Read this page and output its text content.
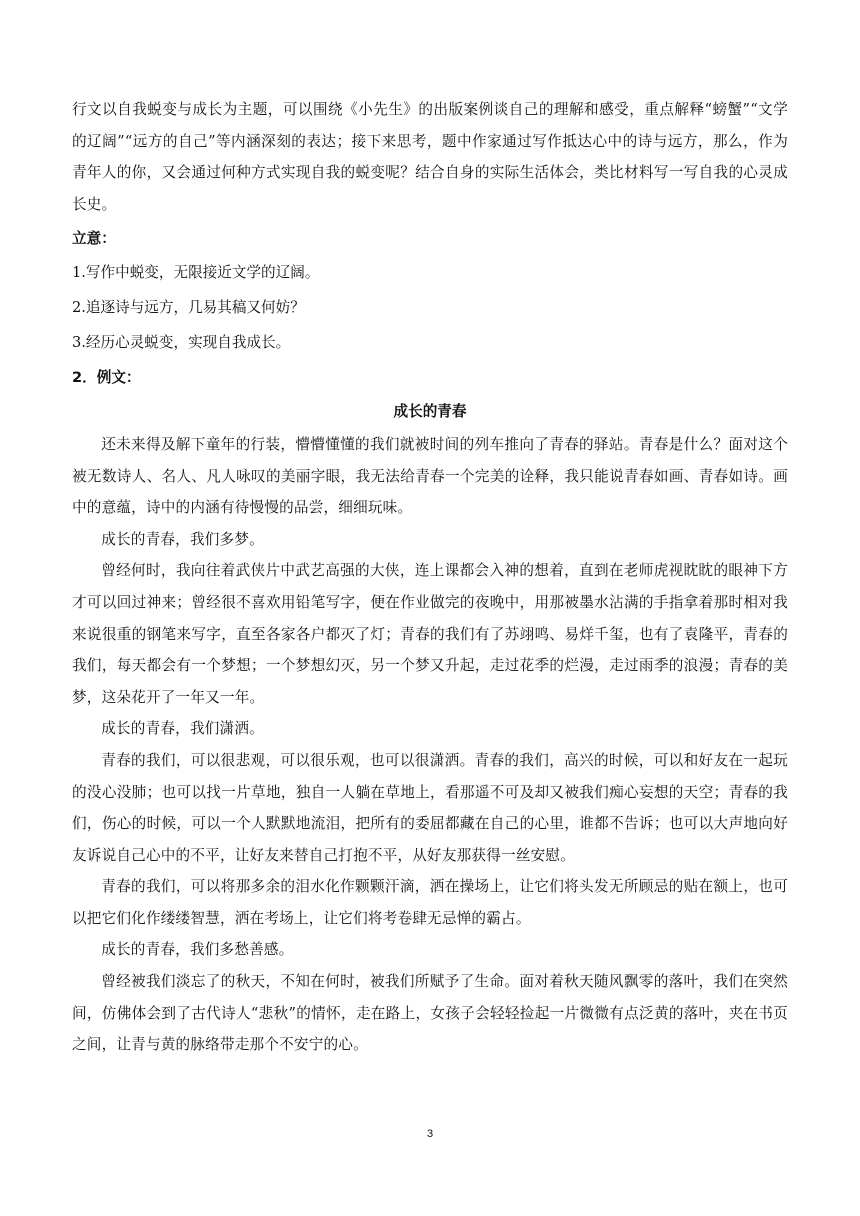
行文以自我蜕变与成长为主题，可以围绕《小先生》的出版案例谈自己的理解和感受，重点解释“螃蟹”“文学的辽阔”“远方的自己”等内涵深刻的表达；接下来思考，题中作家通过写作抵达心中的诗与远方，那么，作为青年人的你，又会通过何种方式实现自我的蜕变呢？结合自身的实际生活体会，类比材料写一写自我的心灵成长史。

立意：

1.写作中蜕变，无限接近文学的辽阔。

2.追逐诗与远方，几易其稿又何妨？

3.经历心灵蜕变，实现自我成长。

2．例文：

成长的青春

还未来得及解下童年的行装，懵懵懂懂的我们就被时间的列车推向了青春的驿站。青春是什么？面对这个被无数诗人、名人、凡人咏叹的美丽字眼，我无法给青春一个完美的诠释，我只能说青春如画、青春如诗。画中的意蕴，诗中的内涵有待慢慢的品尝，细细玩味。

成长的青春，我们多梦。

曾经何时，我向往着武侠片中武艺高强的大侠，连上课都会入神的想着，直到在老师虎视眈眈的眼神下方才可以回过神来；曾经很不喜欢用铅笔写字，便在作业做完的夜晚中，用那被墨水沾满的手指拿着那时相对我来说很重的钢笔来写字，直至各家各户都灭了灯；青春的我们有了苏翊鸣、易烊千玺，也有了袁隆平，青春的我们，每天都会有一个梦想；一个梦想幻灭，另一个梦又升起，走过花季的烂漫，走过雨季的浪漫；青春的美梦，这朵花开了一年又一年。

成长的青春，我们潇洒。

青春的我们，可以很悲观，可以很乐观，也可以很潇洒。青春的我们，高兴的时候，可以和好友在一起玩的没心没肺；也可以找一片草地，独自一人躺在草地上，看那遥不可及却又被我们痴心妄想的天空；青春的我们，伤心的时候，可以一个人默默地流泪，把所有的委屈都藏在自己的心里，谁都不告诉；也可以大声地向好友诉说自己心中的不平，让好友来替自己打抱不平，从好友那获得一丝安慰。

青春的我们，可以将那多余的泪水化作颗颗汗滴，洒在操场上，让它们将头发无所顾忌的贴在额上，也可以把它们化作缕缕智慧，洒在考场上，让它们将考卷肆无忌惮的霸占。

成长的青春，我们多愁善感。

曾经被我们淡忘了的秋天，不知在何时，被我们所赋予了生命。面对着秋天随风飘零的落叶，我们在突然间，仿佛体会到了古代诗人“悲秋”的情怀，走在路上，女孩子会轻轻捡起一片微微有点泛黄的落叶，夹在书页之间，让青与黄的脉络带走那个不安宁的心。

3
